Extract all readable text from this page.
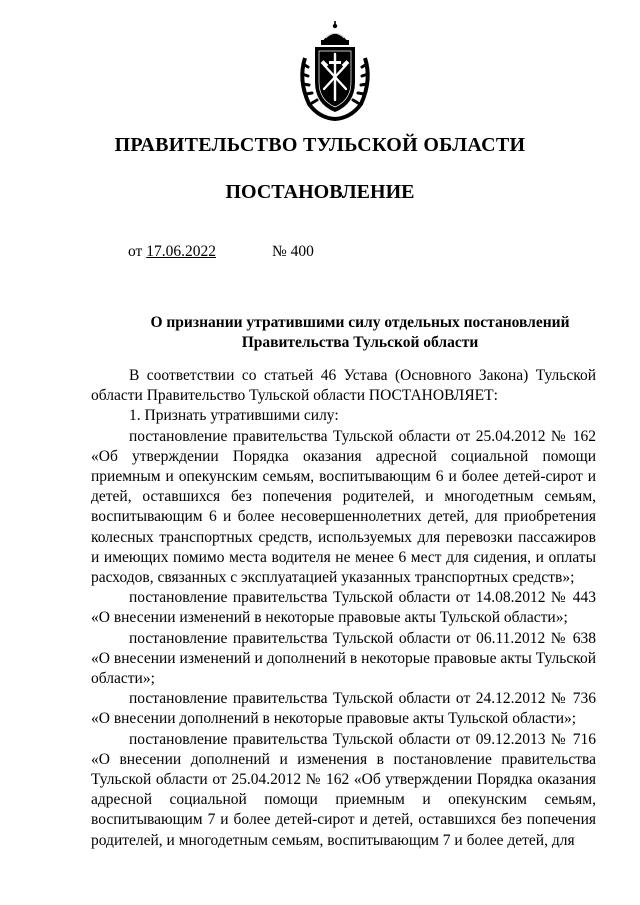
ПРАВИТЕЛЬСТВО ТУЛЬСКОЙ ОБЛАСТИ
ПОСТАНОВЛЕНИЕ
от 17.06.2022	№ 400
О признании утратившими силу отдельных постановлений
Правительства Тульской области

В соответствии со статьей 46 Устава (Основного Закона) Тульской области Правительство Тульской области ПОСТАНОВЛЯЕТ:

1. Признать утратившими силу:

постановление правительства Тульской области от 25.04.2012 № 162 «Об утверждении Порядка оказания адресной социальной помощи приемным и опекунским семьям, воспитывающим 6 и более детей-сирот и детей, оставшихся без попечения родителей, и многодетным семьям, воспитывающим 6 и более несовершеннолетних детей, для приобретения колесных транспортных средств, используемых для перевозки пассажиров и имеющих помимо места водителя не менее 6 мест для сидения, и оплаты расходов, связанных с эксплуатацией указанных транспортных средств»;

постановление правительства Тульской области от 14.08.2012 № 443 «О внесении изменений в некоторые правовые акты Тульской области»;

постановление правительства Тульской области от 06.11.2012 № 638 «О внесении изменений и дополнений в некоторые правовые акты Тульской области»;

постановление правительства Тульской области от 24.12.2012 № 736 «О внесении дополнений в некоторые правовые акты Тульской области»;

постановление правительства Тульской области от 09.12.2013 № 716 «О внесении дополнений и изменения в постановление правительства Тульской области от 25.04.2012 № 162 «Об утверждении Порядка оказания адресной социальной помощи приемным и опекунским семьям, воспитывающим 7 и более детей-сирот и детей, оставшихся без попечения родителей, и многодетным семьям, воспитывающим 7 и более детей, для
